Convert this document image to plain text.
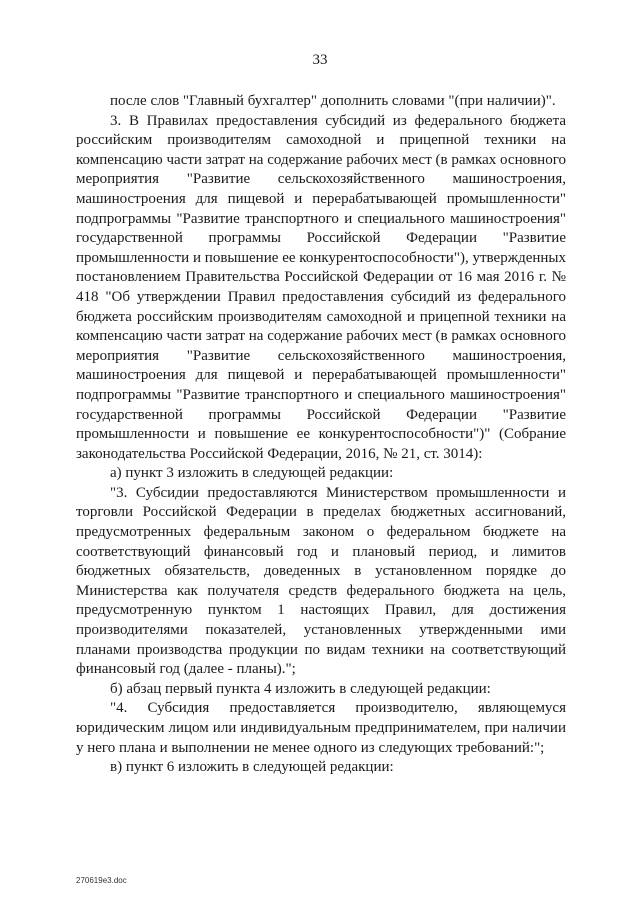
33

после слов "Главный бухгалтер" дополнить словами "(при наличии)".

3. В Правилах предоставления субсидий из федерального бюджета российским производителям самоходной и прицепной техники на компенсацию части затрат на содержание рабочих мест (в рамках основного мероприятия "Развитие сельскохозяйственного машиностроения, машиностроения для пищевой и перерабатывающей промышленности" подпрограммы "Развитие транспортного и специального машиностроения" государственной программы Российской Федерации "Развитие промышленности и повышение ее конкурентоспособности"), утвержденных постановлением Правительства Российской Федерации от 16 мая 2016 г. № 418 "Об утверждении Правил предоставления субсидий из федерального бюджета российским производителям самоходной и прицепной техники на компенсацию части затрат на содержание рабочих мест (в рамках основного мероприятия "Развитие сельскохозяйственного машиностроения, машиностроения для пищевой и перерабатывающей промышленности" подпрограммы "Развитие транспортного и специального машиностроения" государственной программы Российской Федерации "Развитие промышленности и повышение ее конкурентоспособности")" (Собрание законодательства Российской Федерации, 2016, № 21, ст. 3014):

а) пункт 3 изложить в следующей редакции:

"3. Субсидии предоставляются Министерством промышленности и торговли Российской Федерации в пределах бюджетных ассигнований, предусмотренных федеральным законом о федеральном бюджете на соответствующий финансовый год и плановый период, и лимитов бюджетных обязательств, доведенных в установленном порядке до Министерства как получателя средств федерального бюджета на цель, предусмотренную пунктом 1 настоящих Правил, для достижения производителями показателей, установленных утвержденными ими планами производства продукции по видам техники на соответствующий финансовый год (далее - планы).";

б) абзац первый пункта 4 изложить в следующей редакции:

"4. Субсидия предоставляется производителю, являющемуся юридическим лицом или индивидуальным предпринимателем, при наличии у него плана и выполнении не менее одного из следующих требований:";

в) пункт 6 изложить в следующей редакции:

270619e3.doc
